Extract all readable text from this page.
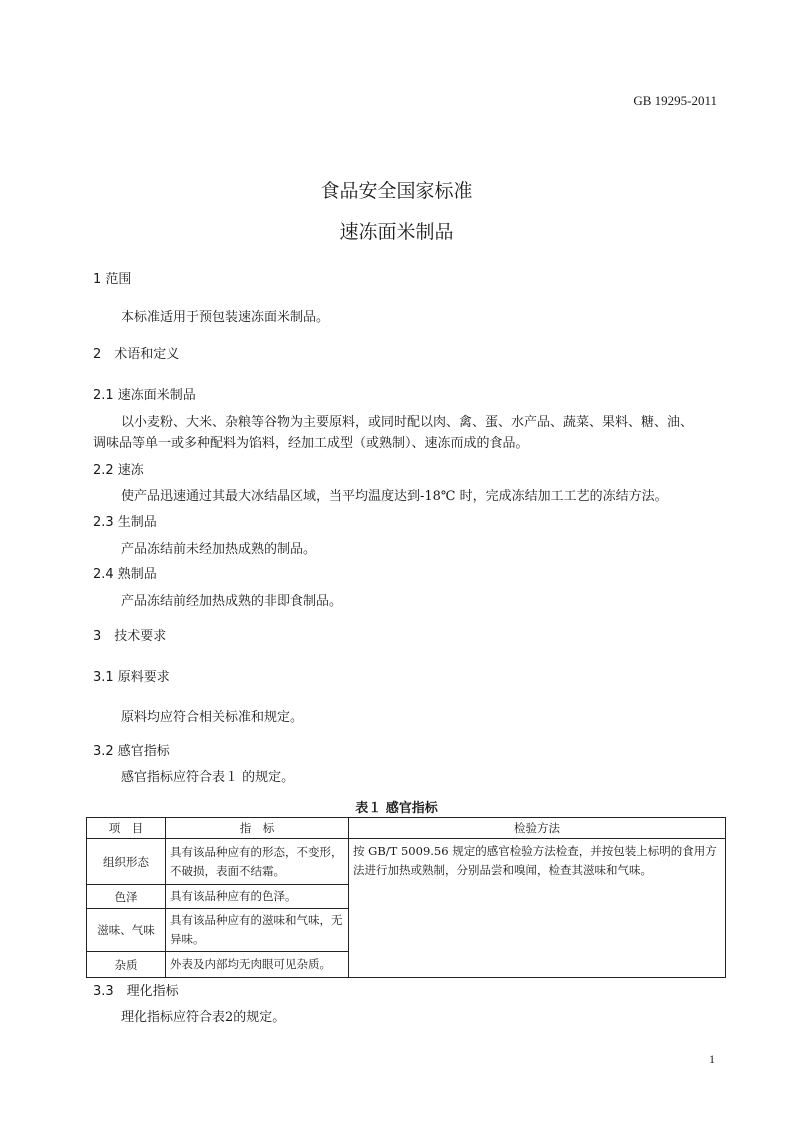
GB 19295-2011
食品安全国家标准
速冻面米制品
1 范围
本标准适用于预包装速冻面米制品。
2　术语和定义
2.1 速冻面米制品
以小麦粉、大米、杂粮等谷物为主要原料，或同时配以肉、禽、蛋、水产品、蔬菜、果料、糖、油、
调味品等单一或多种配料为馅料，经加工成型（或熟制）、速冻而成的食品。
2.2 速冻
使产品迅速通过其最大冰结晶区域，当平均温度达到-18℃ 时，完成冻结加工工艺的冻结方法。
2.3 生制品
产品冻结前未经加热成熟的制品。
2.4 熟制品
产品冻结前经加热成熟的非即食制品。
3　技术要求
3.1 原料要求
原料均应符合相关标准和规定。
3.2 感官指标
感官指标应符合表１ 的规定。
表１ 感官指标
项　目	指　标	检验方法
组织形态	具有该品种应有的形态，不变形，不破损，表面不结霜。	按 GB/T 5009.56 规定的感官检验方法检查，并按包装上标明的食用方法进行加热或熟制，分别品尝和嗅闻，检查其滋味和气味。
色泽	具有该品种应有的色泽。	
滋味、气味	具有该品种应有的滋味和气味，无异味。	
杂质	外表及内部均无肉眼可见杂质。	
3.3　理化指标
理化指标应符合表2的规定。
1
